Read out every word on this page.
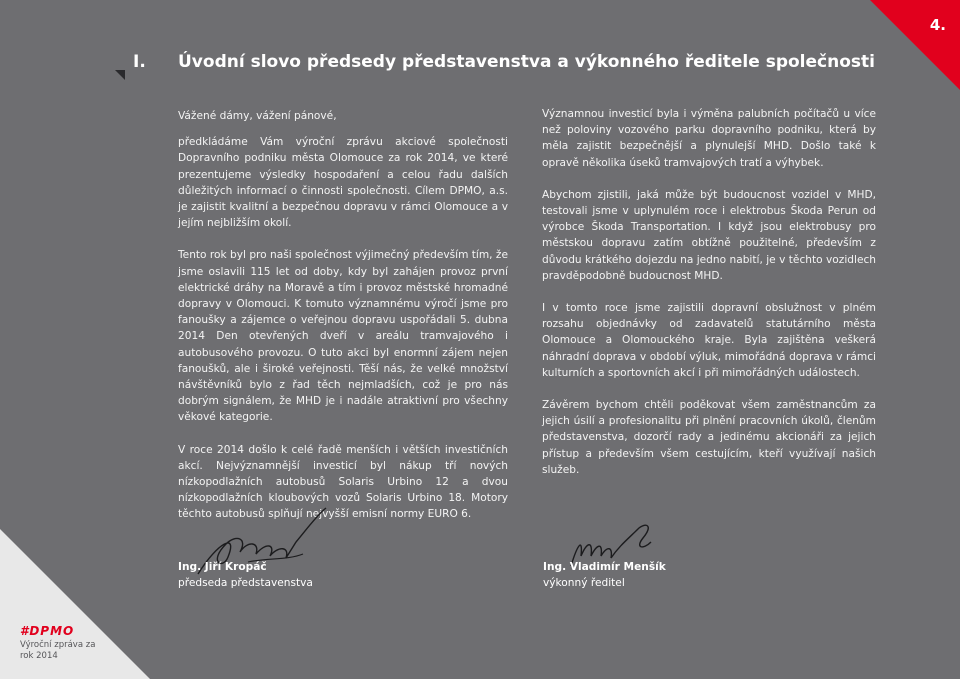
4.
I. Úvodní slovo předsedy představenstva a výkonného ředitele společnosti

Vážené dámy, vážení pánové,

předkládáme Vám výroční zprávu akciové společnosti Dopravního podniku města Olomouce za rok 2014, ve které prezentujeme výsledky hospodaření a celou řadu dalších důležitých informací o činnosti společnosti. Cílem DPMO, a.s. je zajistit kvalitní a bezpečnou dopravu v rámci Olomouce a v jejím nejbližším okolí.

Tento rok byl pro naši společnost výjimečný především tím, že jsme oslavili 115 let od doby, kdy byl zahájen provoz první elektrické dráhy na Moravě a tím i provoz městské hromadné dopravy v Olomouci. K tomuto významnému výročí jsme pro fanoušky a zájemce o veřejnou dopravu uspořádali 5. dubna 2014 Den otevřených dveří v areálu tramvajového i autobusového provozu. O tuto akci byl enormní zájem nejen fanoušků, ale i široké veřejnosti. Těší nás, že velké množství návštěvníků bylo z řad těch nejmladších, což je pro nás dobrým signálem, že MHD je i nadále atraktivní pro všechny věkové kategorie.

V roce 2014 došlo k celé řadě menších i větších investičních akcí. Nejvýznamnější investicí byl nákup tří nových nízkopodlažních autobusů Solaris Urbino 12 a dvou nízkopodlažních kloubových vozů Solaris Urbino 18. Motory těchto autobusů splňují nejvyšší emisní normy EURO 6.

Významnou investicí byla i výměna palubních počítačů u více než poloviny vozového parku dopravního podniku, která by měla zajistit bezpečnější a plynulejší MHD. Došlo také k opravě několika úseků tramvajových tratí a výhybek.

Abychom zjistili, jaká může být budoucnost vozidel v MHD, testovali jsme v uplynulém roce i elektrobus Škoda Perun od výrobce Škoda Transportation. I když jsou elektrobusy pro městskou dopravu zatím obtížně použitelné, především z důvodu krátkého dojezdu na jedno nabití, je v těchto vozidlech pravděpodobně budoucnost MHD.

I v tomto roce jsme zajistili dopravní obslužnost v plném rozsahu objednávky od zadavatelů statutárního města Olomouce a Olomouckého kraje. Byla zajištěna veškerá náhradní doprava v období výluk, mimořádná doprava v rámci kulturních a sportovních akcí i při mimořádných událostech.

Závěrem bychom chtěli poděkovat všem zaměstnancům za jejich úsilí a profesionalitu při plnění pracovních úkolů, členům představenstva, dozorčí rady a jedinému akcionáři za jejich přístup a především všem cestujícím, kteří využívají našich služeb.

Ing. Jiří Kropáč
předseda představenstva
Ing. Vladimír Menšík
výkonný ředitel
#DPMO
Výroční zpráva za rok 2014
